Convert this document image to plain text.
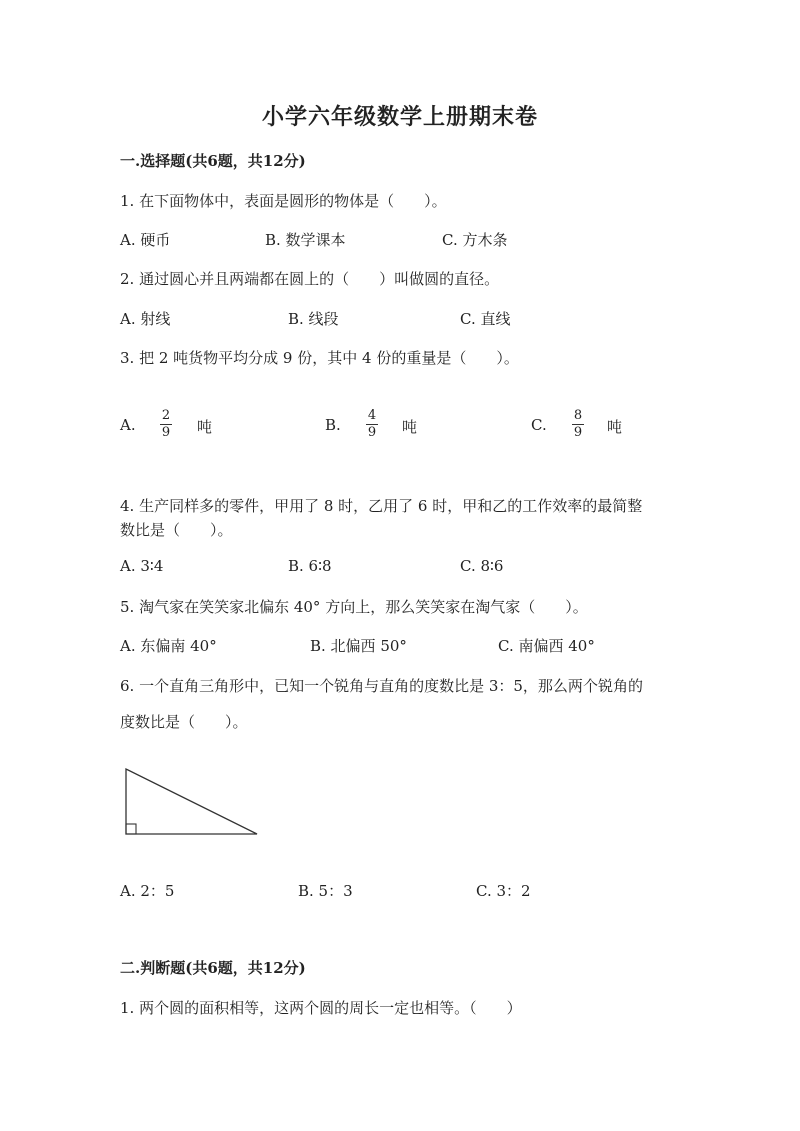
小学六年级数学上册期末卷
一.选择题(共6题，共12分)
1. 在下面物体中，表面是圆形的物体是（　　）。
A. 硬币	B. 数学课本	C. 方木条
2. 通过圆心并且两端都在圆上的（　　）叫做圆的直径。
A. 射线	B. 线段	C. 直线
3. 把 2 吨货物平均分成 9 份，其中 4 份的重量是（　　）。
A.
2
9 吨	B.
4
9 吨	C.
8
9 吨
4. 生产同样多的零件，甲用了 8 时，乙用了 6 时，甲和乙的工作效率的最简整
数比是（　　）。
A. 3∶4	B. 6∶8	C. 8∶6
5. 淘气家在笑笑家北偏东 40° 方向上，那么笑笑家在淘气家（　　）。
A. 东偏南 40°	B. 北偏西 50°	C. 南偏西 40°
6. 一个直角三角形中，已知一个锐角与直角的度数比是 3：5，那么两个锐角的
度数比是（　　）。
A. 2：5	B. 5：3	C. 3：2
二.判断题(共6题，共12分)
1. 两个圆的面积相等，这两个圆的周长一定也相等。（　　）
